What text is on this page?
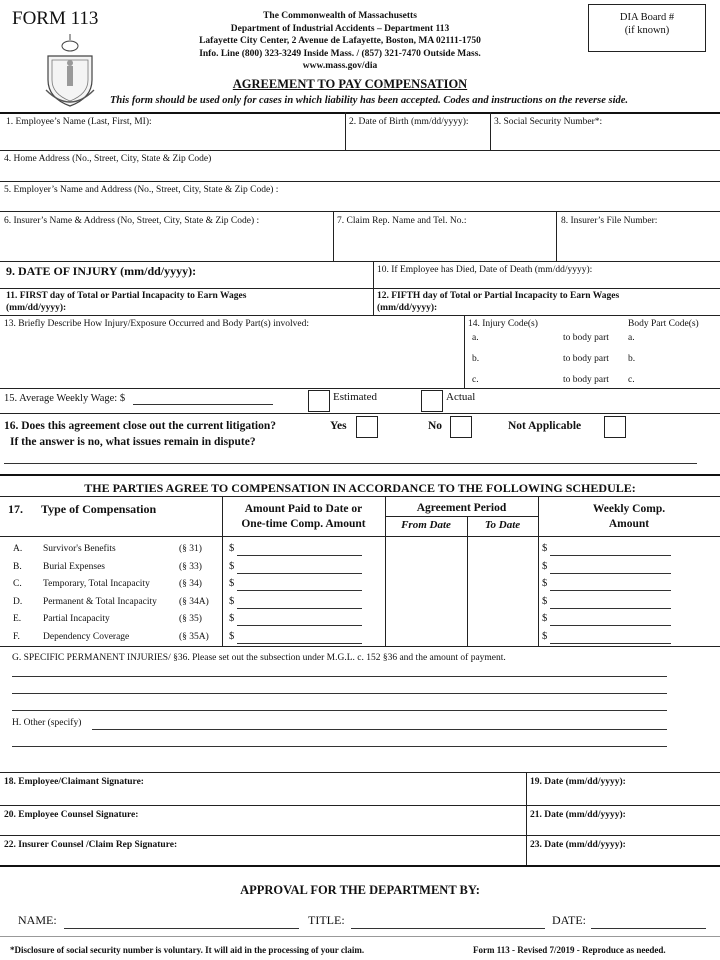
FORM 113	The Commonwealth of Massachusetts
Department of Industrial Accidents – Department 113
Lafayette City Center, 2 Avenue de Lafayette, Boston, MA 02111-1750
Info. Line (800) 323-3249 Inside Mass. / (857) 321-7470 Outside Mass.
www.mass.gov/dia
DIA Board #
(if known)
AGREEMENT TO PAY COMPENSATION
This form should be used only for cases in which liability has been accepted. Codes and instructions on the reverse side.
1. Employee’s Name (Last, First, MI):	2. Date of Birth (mm/dd/yyyy):	3. Social Security Number*:
4. Home Address (No., Street, City, State & Zip Code)
5. Employer’s Name and Address (No., Street, City, State & Zip Code) :
6. Insurer’s Name & Address (No, Street, City, State & Zip Code) :	7. Claim Rep. Name and Tel. No.:	8. Insurer’s File Number:
9. DATE OF INJURY (mm/dd/yyyy):	10. If Employee has Died, Date of Death (mm/dd/yyyy):
11. FIRST day of Total or Partial Incapacity to Earn Wages
(mm/dd/yyyy):
12. FIFTH day of Total or Partial Incapacity to Earn Wages
(mm/dd/yyyy):
13. Briefly Describe How Injury/Exposure Occurred and Body Part(s) involved:	14. Injury Code(s)	Body Part Code(s)
a.	to body part a.
b.	to body part b.
c.	to body part c.
15. Average Weekly Wage: $	Estimated	Actual
16. Does this agreement close out the current litigation?	Yes	No	Not Applicable
If the answer is no, what issues remain in dispute?
THE PARTIES AGREE TO COMPENSATION IN ACCORDANCE TO THE FOLLOWING SCHEDULE:
17. Type of Compensation	Amount Paid to Date or
One-time Comp. Amount
Agreement Period
From Date	To Date
Weekly Comp.
Amount
A. Survivor's Benefits	(§ 31)	$	$
B. Burial Expenses	(§ 33)	$	$
C. Temporary, Total Incapacity	(§ 34)	$	$
D. Permanent & Total Incapacity (§ 34A) $	$
E. Partial Incapacity	(§ 35)	$	$
F. Dependency Coverage	(§ 35A) $	$
G. SPECIFIC PERMANENT INJURIES/ §36. Please set out the subsection under M.G.L. c. 152 §36 and the amount of payment.
H. Other (specify)
18. Employee/Claimant Signature:	19. Date (mm/dd/yyyy):
20. Employee Counsel Signature:	21. Date (mm/dd/yyyy):
22. Insurer Counsel /Claim Rep Signature:	23. Date (mm/dd/yyyy):
APPROVAL FOR THE DEPARTMENT BY:
NAME:	TITLE:	DATE:
*Disclosure of social security number is voluntary. It will aid in the processing of your claim.	Form 113 - Revised 7/2019 - Reproduce as needed.
